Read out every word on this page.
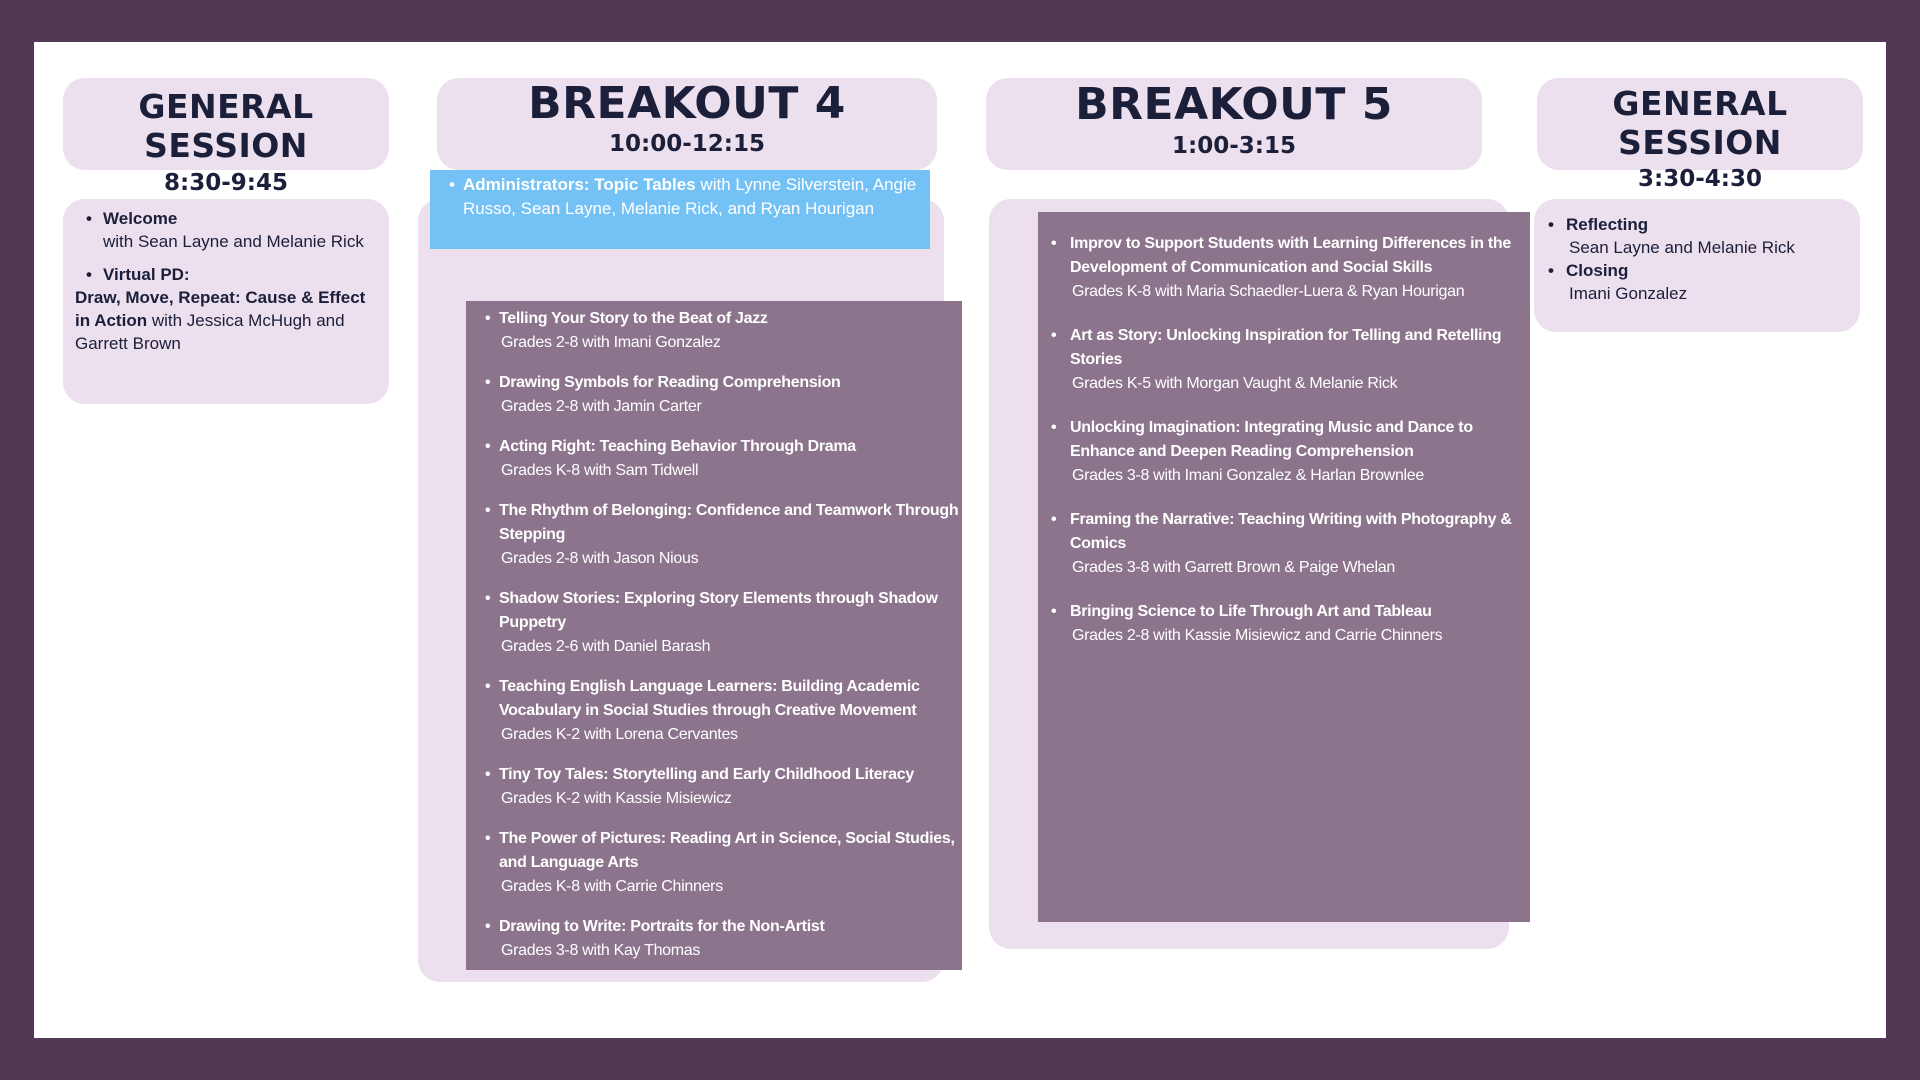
GENERAL SESSION
8:30-9:45
BREAKOUT 4
10:00-12:15
BREAKOUT 5
1:00-3:15
GENERAL SESSION
3:30-4:30
• Welcome
with Sean Layne and Melanie Rick
• Virtual PD:

Draw, Move, Repeat: Cause & Effect in Action with Jessica McHugh and Garrett Brown

• Telling Your Story to the Beat of Jazz
Grades 2-8 with Imani Gonzalez
• Drawing Symbols for Reading Comprehension
Grades 2-8 with Jamin Carter
• Acting Right: Teaching Behavior Through Drama
Grades K-8 with Sam Tidwell
• The Rhythm of Belonging: Confidence and Teamwork Through Stepping
Grades 2-8 with Jason Nious
• Shadow Stories: Exploring Story Elements through Shadow Puppetry
Grades 2-6 with Daniel Barash
• Teaching English Language Learners: Building Academic Vocabulary in Social Studies through Creative Movement
Grades K-2 with Lorena Cervantes
• Tiny Toy Tales: Storytelling and Early Childhood Literacy
Grades K-2 with Kassie Misiewicz
• The Power of Pictures: Reading Art in Science, Social Studies, and Language Arts
Grades K-8 with Carrie Chinners
• Drawing to Write: Portraits for the Non-Artist
Grades 3-8 with Kay Thomas
• Improv to Support Students with Learning Differences in the Development of Communication and Social Skills
Grades K-8 with Maria Schaedler-Luera & Ryan Hourigan
• Art as Story: Unlocking Inspiration for Telling and Retelling Stories
Grades K-5 with Morgan Vaught & Melanie Rick
• Unlocking Imagination: Integrating Music and Dance to Enhance and Deepen Reading Comprehension
Grades 3-8 with Imani Gonzalez & Harlan Brownlee
• Framing the Narrative: Teaching Writing with Photography & Comics
Grades 3-8 with Garrett Brown & Paige Whelan
• Bringing Science to Life Through Art and Tableau
Grades 2-8 with Kassie Misiewicz and Carrie Chinners
• Reflecting
Sean Layne and Melanie Rick
• Closing
Imani Gonzalez
• Administrators: Topic Tables with Lynne Silverstein, Angie Russo, Sean Layne, Melanie Rick, and Ryan Hourigan
